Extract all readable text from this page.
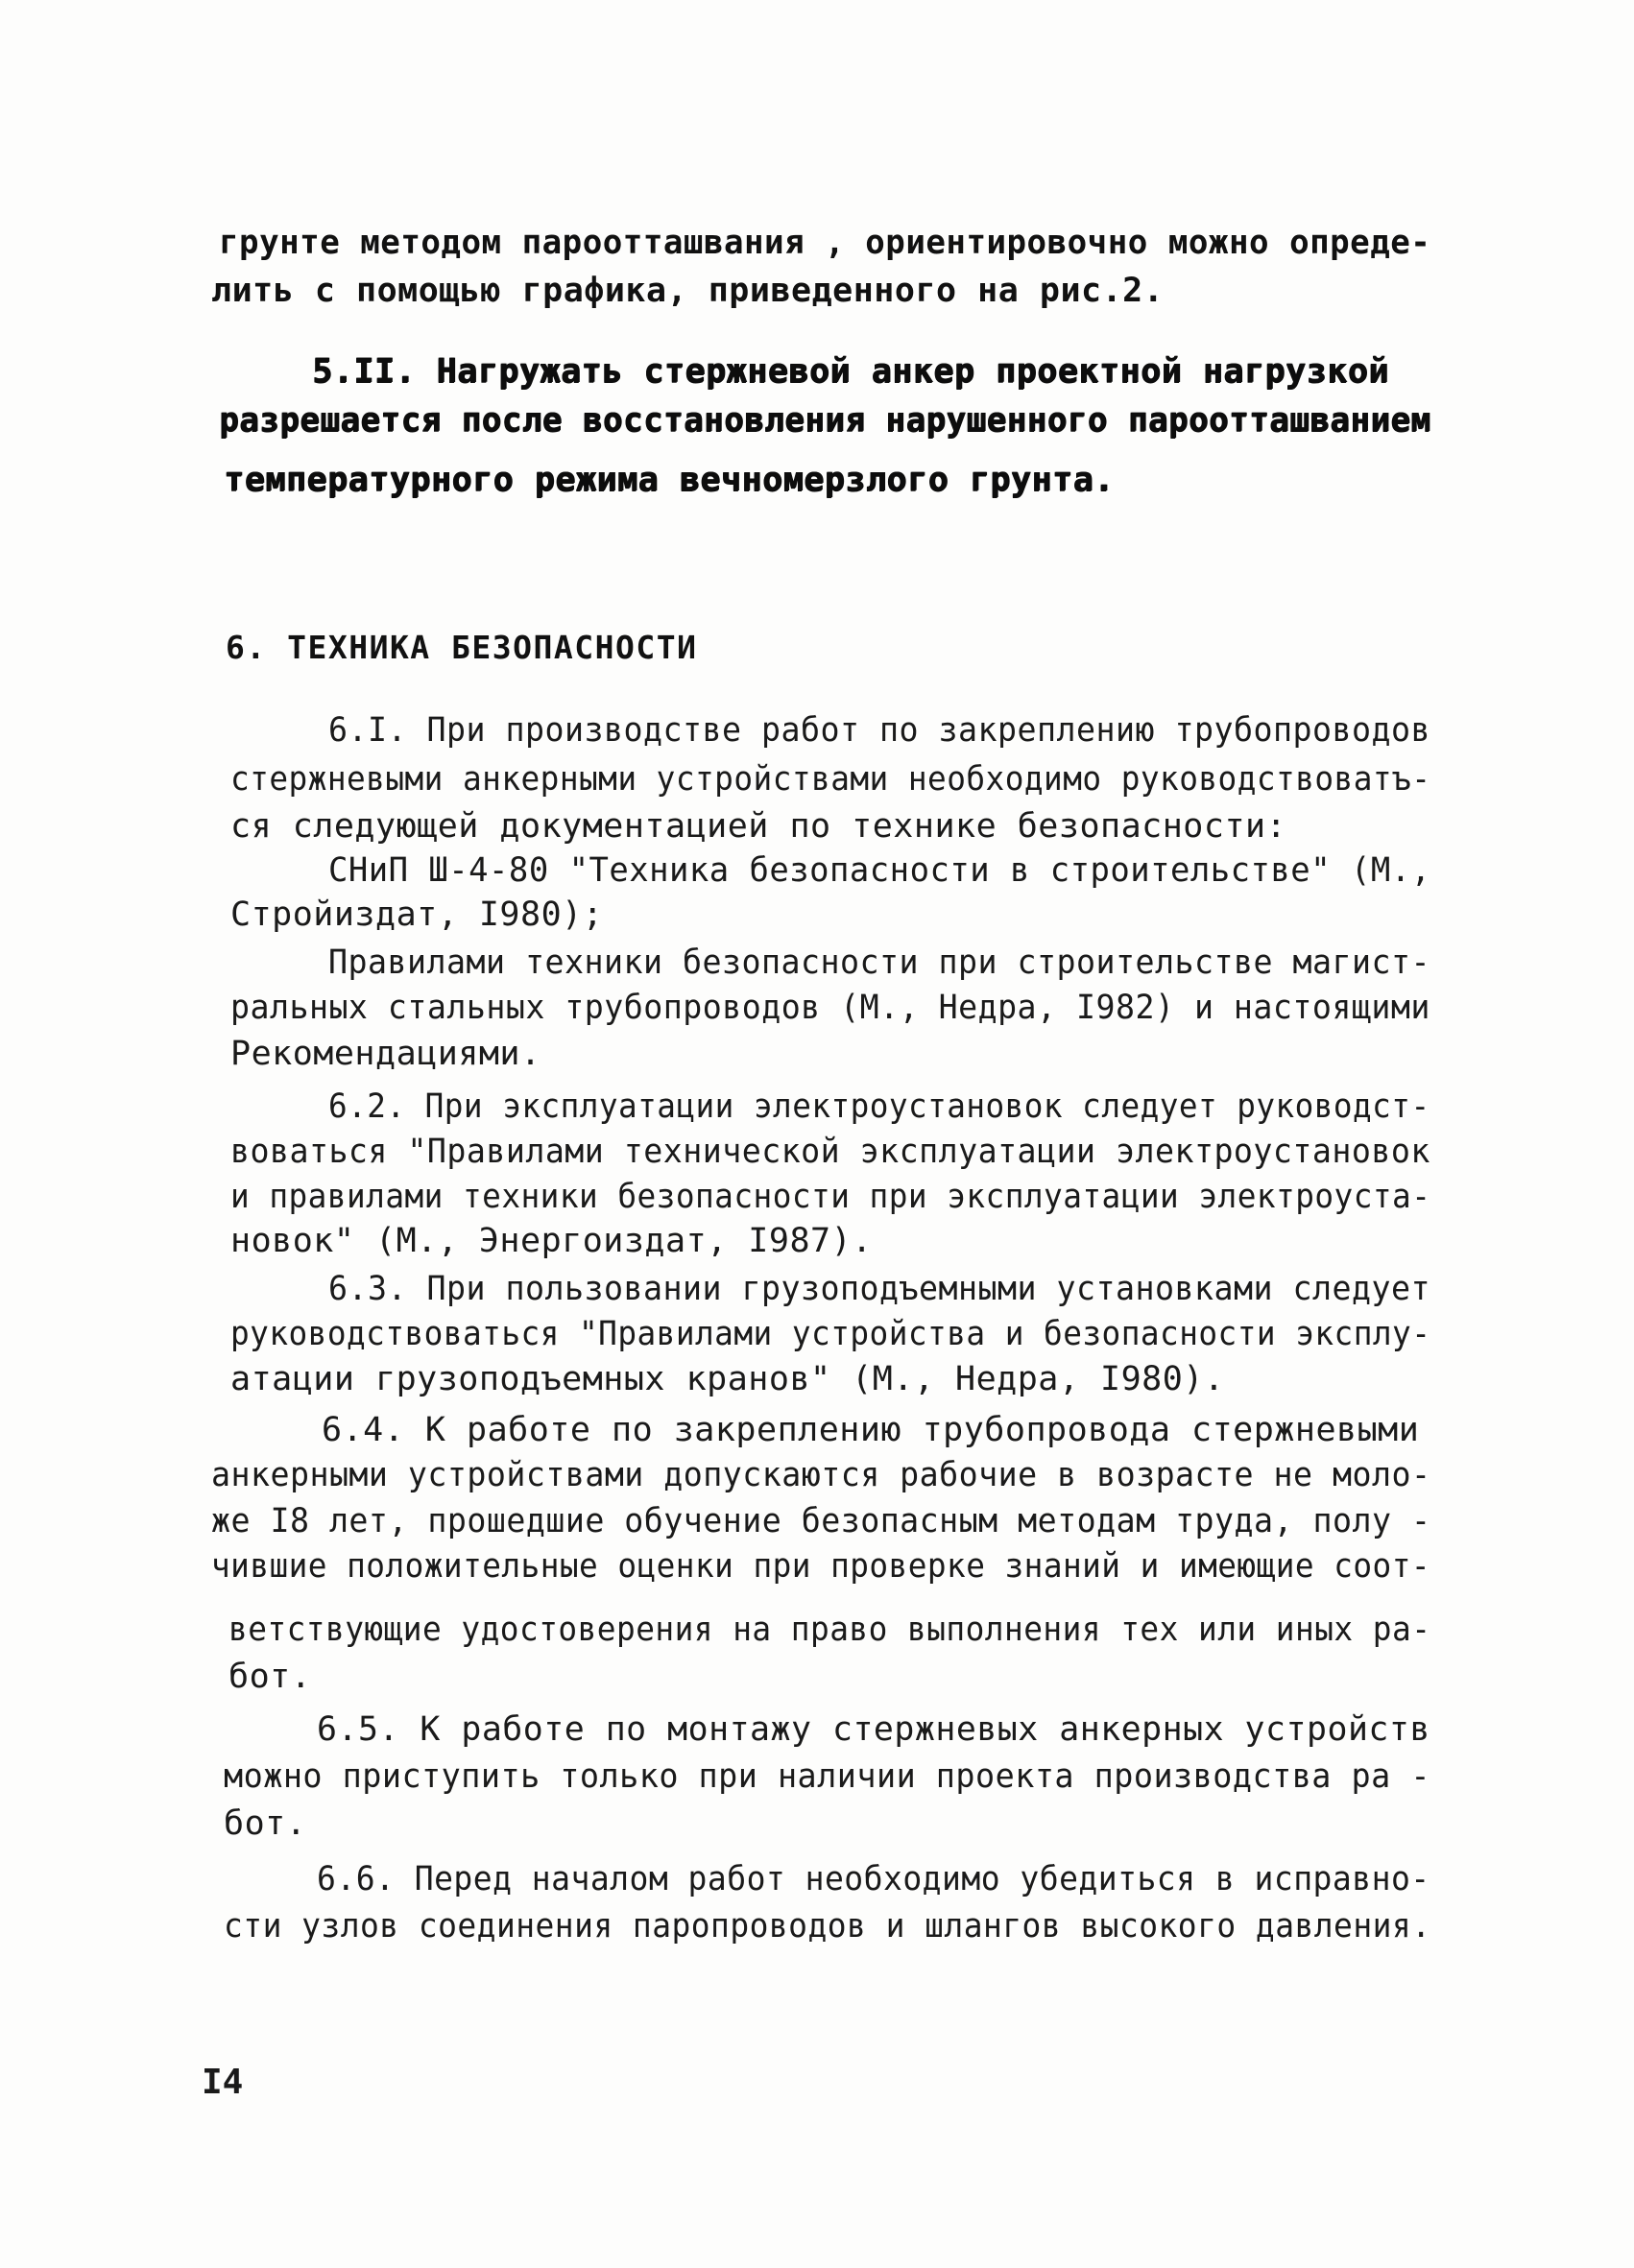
грунте методом пароотташвания , ориентировочно можно опреде-
лить с помощью графика, приведенного на рис.2.
5.II. Нагружать стержневой анкер проектной нагрузкой
разрешается после восстановления нарушенного пароотташванием
температурного режима вечномерзлого грунта.
6. ТЕХНИКА БЕЗОПАСНОСТИ
6.I. При производстве работ по закреплению трубопроводов
стержневыми анкерными устройствами необходимо руководствоватъ-
ся следующей документацией по технике безопасности:
СНиП Ш-4-80 "Техника безопасности в строительстве" (М.,
Стройиздат, I980);
Правилами техники безопасности при строительстве магист-
ральных стальных трубопроводов (М., Недра, I982) и настоящими
Рекомендациями.
6.2. При эксплуатации электроустановок следует руководст-
воваться "Правилами технической эксплуатации электроустановок
и правилами техники безопасности при эксплуатации электроуста-
новок" (М., Энергоиздат, I987).
6.3. При пользовании грузоподъемными установками следует
руководствоваться "Правилами устройства и безопасности эксплу-
атации грузоподъемных кранов" (М., Недра, I980).
6.4. К работе по закреплению трубопровода стержневыми
анкерными устройствами допускаются рабочие в возрасте не моло-
же I8 лет, прошедшие обучение безопасным методам труда, полу -
чившие положительные оценки при проверке знаний и имеющие соот-
ветствующие удостоверения на право выполнения тех или иных ра-
бот.
6.5. К работе по монтажу стержневых анкерных устройств
можно приступить только при наличии проекта производства ра -
бот.
6.6. Перед началом работ необходимо убедиться в исправно-
сти узлов соединения паропроводов и шлангов высокого давления.
I4
